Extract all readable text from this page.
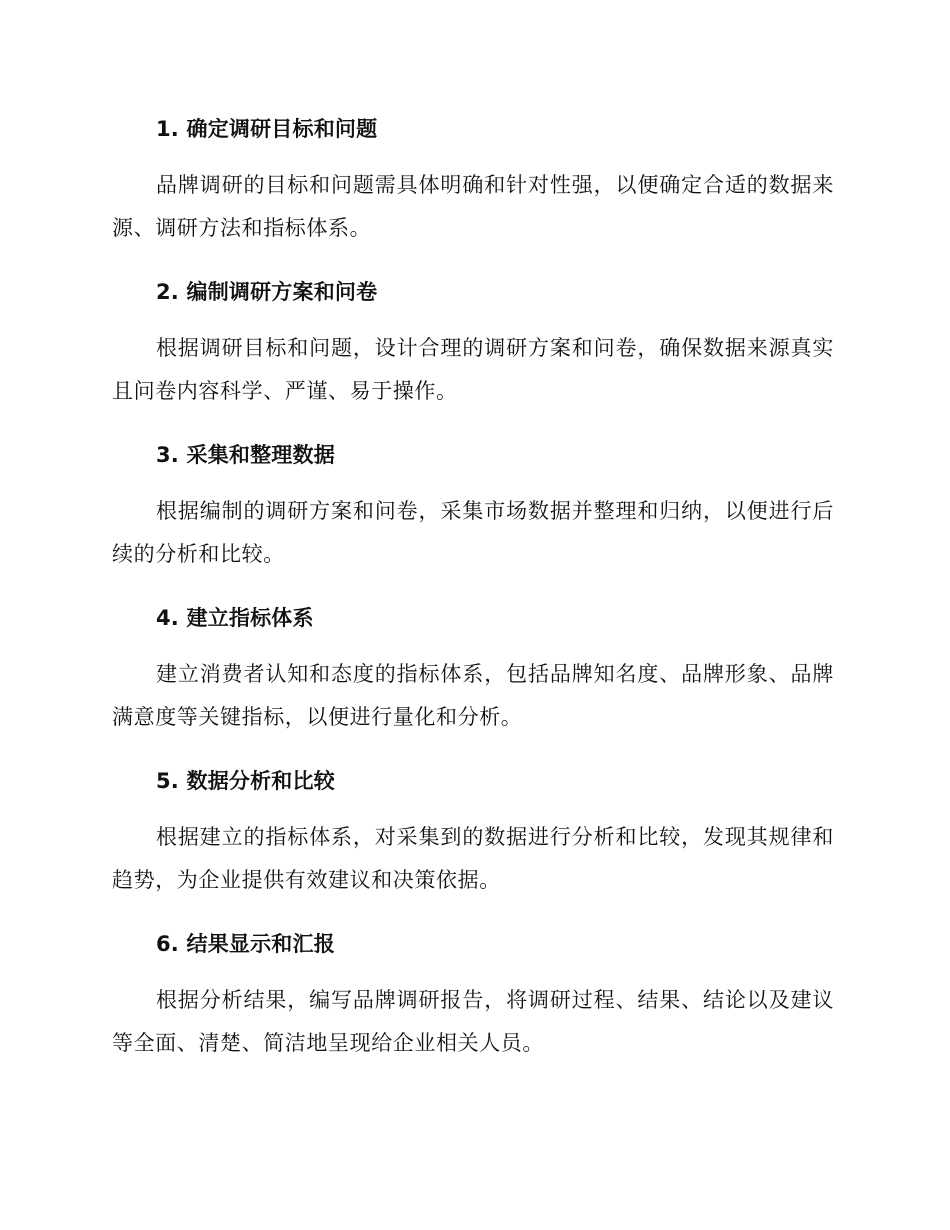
1. 确定调研目标和问题

品牌调研的目标和问题需具体明确和针对性强，以便确定合适的数据来源、调研方法和指标体系。

2. 编制调研方案和问卷

根据调研目标和问题，设计合理的调研方案和问卷，确保数据来源真实且问卷内容科学、严谨、易于操作。

3. 采集和整理数据

根据编制的调研方案和问卷，采集市场数据并整理和归纳，以便进行后续的分析和比较。

4. 建立指标体系

建立消费者认知和态度的指标体系，包括品牌知名度、品牌形象、品牌满意度等关键指标，以便进行量化和分析。

5. 数据分析和比较

根据建立的指标体系，对采集到的数据进行分析和比较，发现其规律和趋势，为企业提供有效建议和决策依据。

6. 结果显示和汇报

根据分析结果，编写品牌调研报告，将调研过程、结果、结论以及建议等全面、清楚、简洁地呈现给企业相关人员。
